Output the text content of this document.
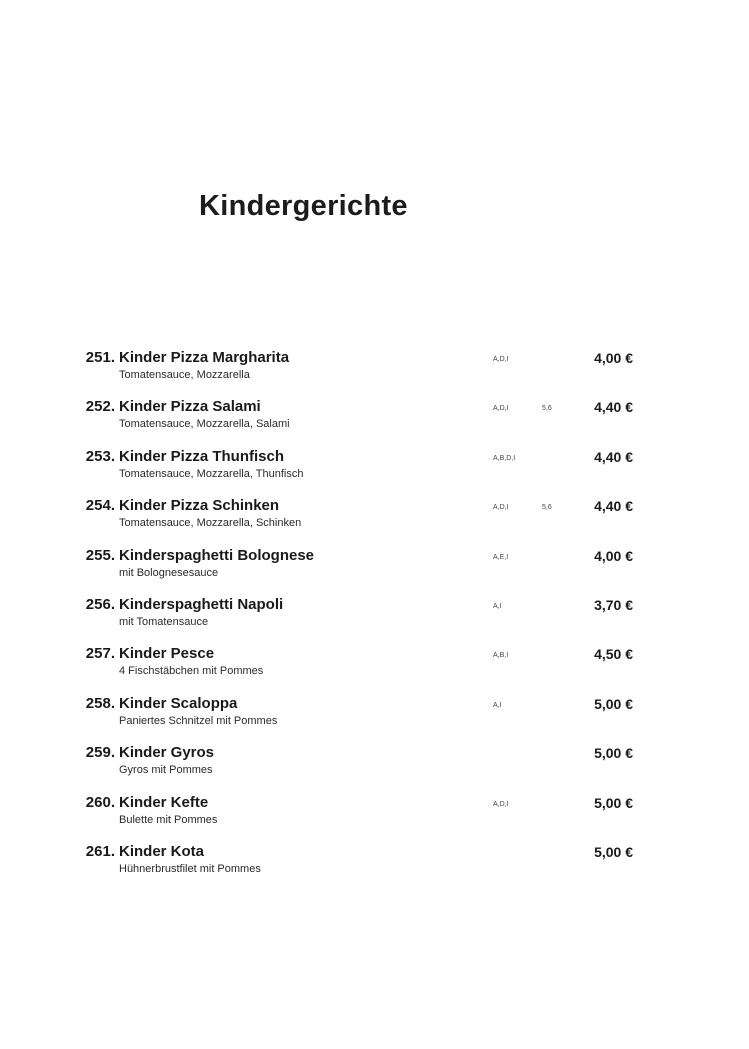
Kindergerichte
251. Kinder Pizza Margharita
Tomatensauce, Mozzarella
A,D,I	4,00 €
252. Kinder Pizza Salami
Tomatensauce, Mozzarella, Salami
A,D,I	5,6	4,40 €
253. Kinder Pizza Thunfisch
Tomatensauce, Mozzarella, Thunfisch
A,B,D,I	4,40 €
254. Kinder Pizza Schinken
Tomatensauce, Mozzarella, Schinken
A,D,I	5,6	4,40 €
255. Kinderspaghetti Bolognese
mit Bolognesesauce
A,E,I	4,00 €
256. Kinderspaghetti Napoli
mit Tomatensauce
A,I	3,70 €
257. Kinder Pesce
4 Fischstäbchen mit Pommes
A,B,I	4,50 €
258. Kinder Scaloppa
Paniertes Schnitzel mit Pommes
A,I	5,00 €
259. Kinder Gyros
Gyros mit Pommes
5,00 €
260. Kinder Kefte
Bulette mit Pommes
A,D,I	5,00 €
261. Kinder Kota
Hühnerbrustfilet mit Pommes
5,00 €
